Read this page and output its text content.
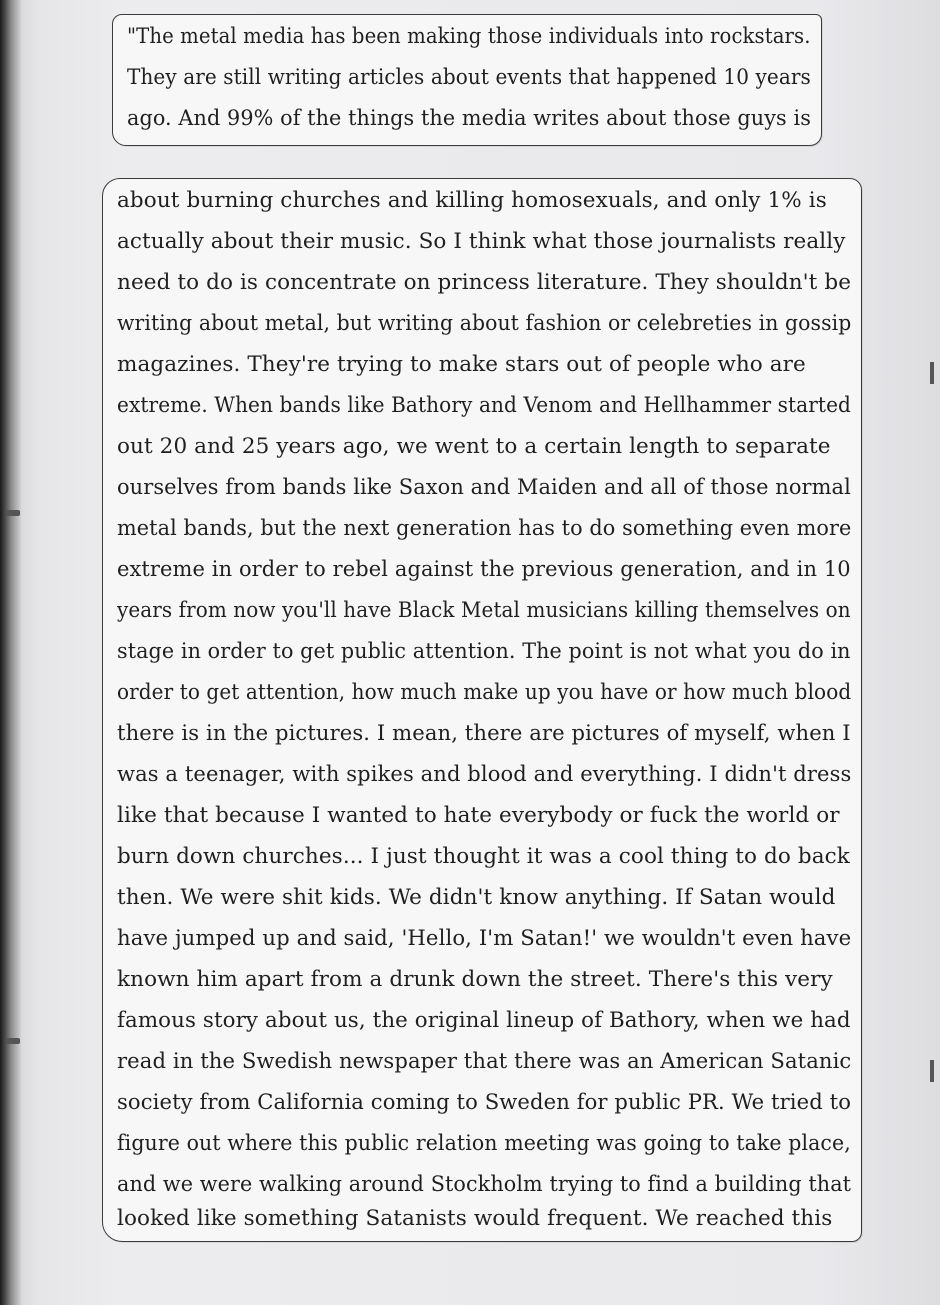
"The metal media has been making those individuals into rockstars.
They are still writing articles about events that happened 10 years
ago. And 99% of the things the media writes about those guys is
about burning churches and killing homosexuals, and only 1% is
actually about their music. So I think what those journalists really
need to do is concentrate on princess literature. They shouldn't be
writing about metal, but writing about fashion or celebreties in gossip
magazines. They're trying to make stars out of people who are
extreme. When bands like Bathory and Venom and Hellhammer started
out 20 and 25 years ago, we went to a certain length to separate
ourselves from bands like Saxon and Maiden and all of those normal
metal bands, but the next generation has to do something even more
extreme in order to rebel against the previous generation, and in 10
years from now you'll have Black Metal musicians killing themselves on
stage in order to get public attention. The point is not what you do in
order to get attention, how much make up you have or how much blood
there is in the pictures. I mean, there are pictures of myself, when I
was a teenager, with spikes and blood and everything. I didn't dress
like that because I wanted to hate everybody or fuck the world or
burn down churches... I just thought it was a cool thing to do back
then. We were shit kids. We didn't know anything. If Satan would
have jumped up and said, 'Hello, I'm Satan!' we wouldn't even have
known him apart from a drunk down the street. There's this very
famous story about us, the original lineup of Bathory, when we had
read in the Swedish newspaper that there was an American Satanic
society from California coming to Sweden for public PR. We tried to
figure out where this public relation meeting was going to take place,
and we were walking around Stockholm trying to find a building that
looked like something Satanists would frequent. We reached this
